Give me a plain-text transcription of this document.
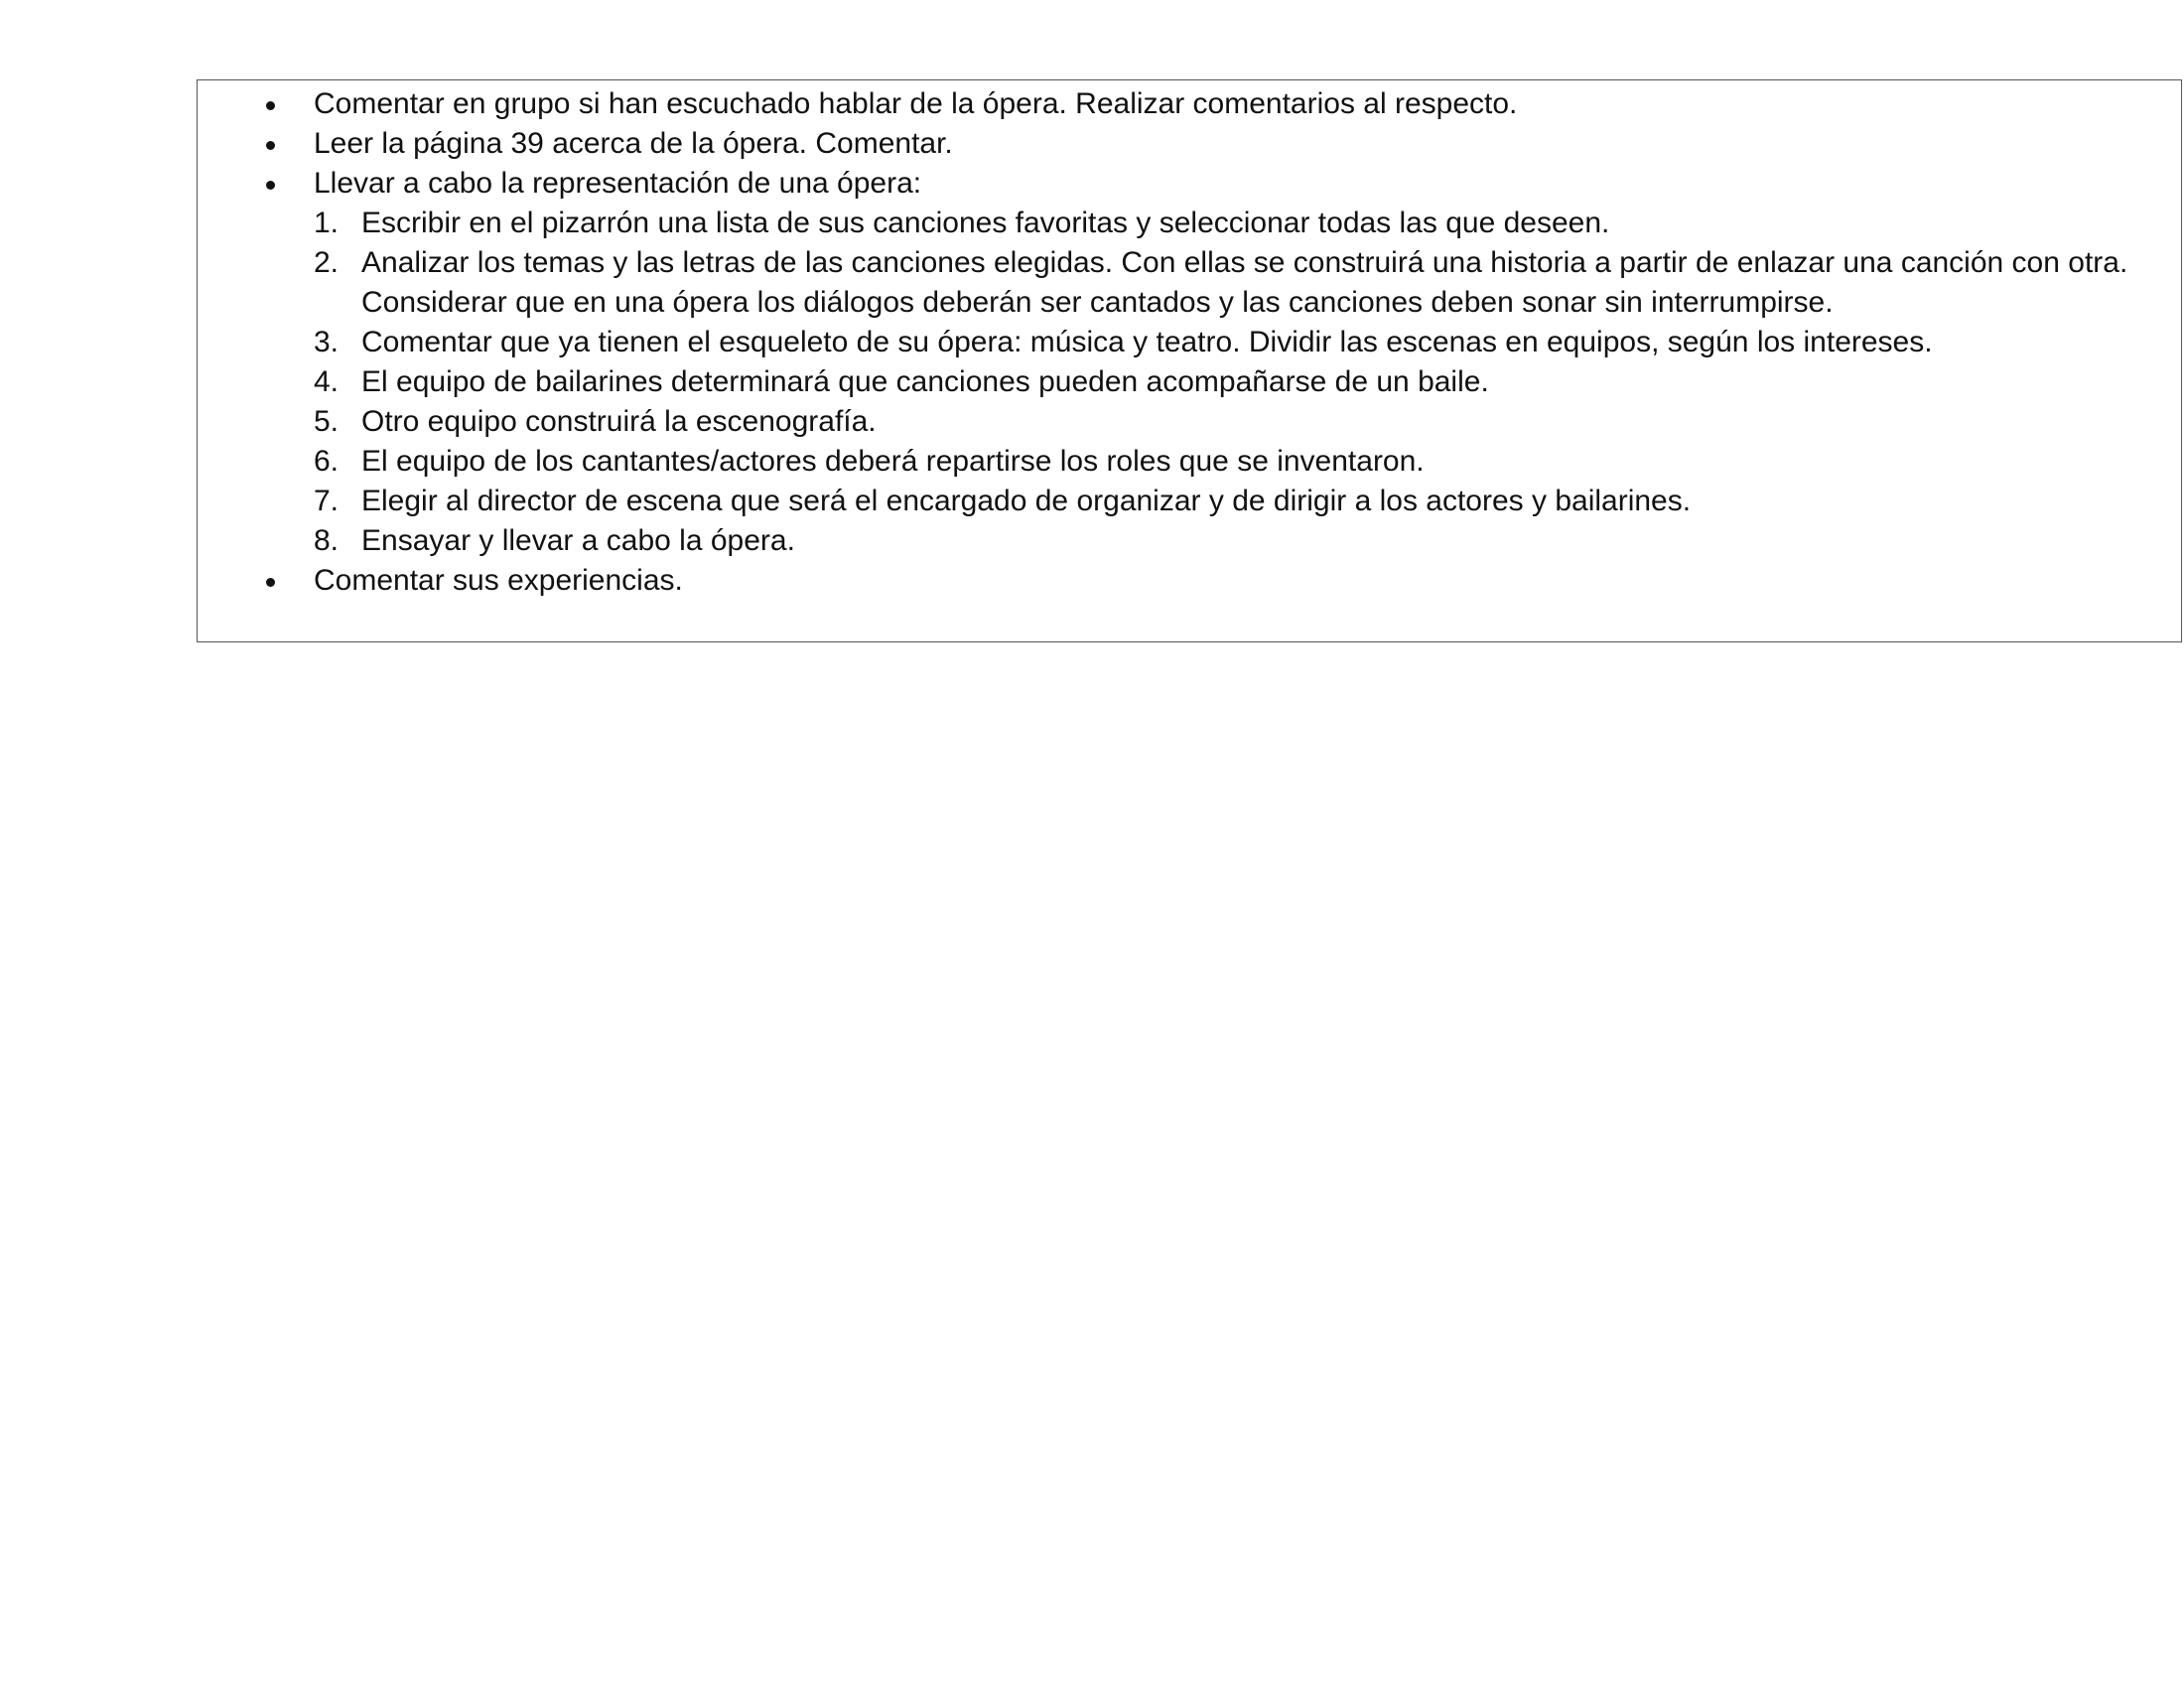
Comentar en grupo si han escuchado hablar de la ópera. Realizar comentarios al respecto.
Leer la página 39 acerca de la ópera. Comentar.
Llevar a cabo la representación de una ópera:
1. Escribir en el pizarrón una lista de sus canciones favoritas y seleccionar todas las que deseen.
2. Analizar los temas y las letras de las canciones elegidas. Con ellas se construirá una historia a partir de enlazar una canción con otra. Considerar que en una ópera los diálogos deberán ser cantados y las canciones deben sonar sin interrumpirse.
3. Comentar que ya tienen el esqueleto de su ópera: música y teatro. Dividir las escenas en equipos, según los intereses.
4. El equipo de bailarines determinará que canciones pueden acompañarse de un baile.
5. Otro equipo construirá la escenografía.
6. El equipo de los cantantes/actores deberá repartirse los roles que se inventaron.
7. Elegir al director de escena que será el encargado de organizar y de dirigir a los actores y bailarines.
8. Ensayar y llevar a cabo la ópera.
Comentar sus experiencias.
